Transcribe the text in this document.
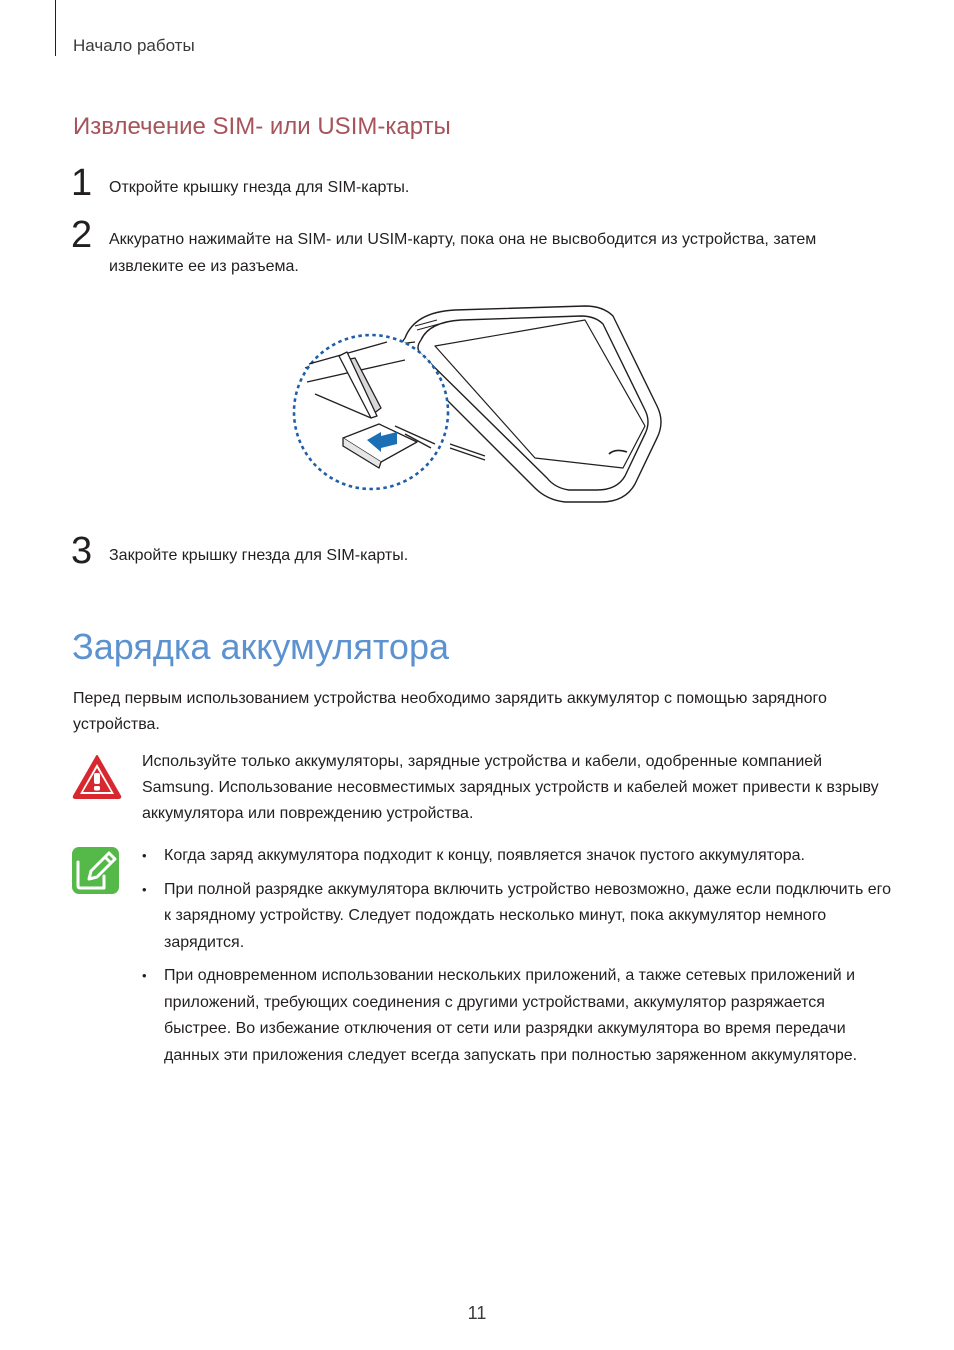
Начало работы
Извлечение SIM- или USIM-карты
1 Откройте крышку гнезда для SIM-карты.
2 Аккуратно нажимайте на SIM- или USIM-карту, пока она не высвободится из устройства, затем извлеките ее из разъема.
3 Закройте крышку гнезда для SIM-карты.
Зарядка аккумулятора
Перед первым использованием устройства необходимо зарядить аккумулятор с помощью зарядного устройства.
Используйте только аккумуляторы, зарядные устройства и кабели, одобренные компанией Samsung. Использование несовместимых зарядных устройств и кабелей может привести к взрыву аккумулятора или повреждению устройства.
• Когда заряд аккумулятора подходит к концу, появляется значок пустого аккумулятора.
• При полной разрядке аккумулятора включить устройство невозможно, даже если подключить его к зарядному устройству. Следует подождать несколько минут, пока аккумулятор немного зарядится.
• При одновременном использовании нескольких приложений, а также сетевых приложений и приложений, требующих соединения с другими устройствами, аккумулятор разряжается быстрее. Во избежание отключения от сети или разрядки аккумулятора во время передачи данных эти приложения следует всегда запускать при полностью заряженном аккумуляторе.
11
